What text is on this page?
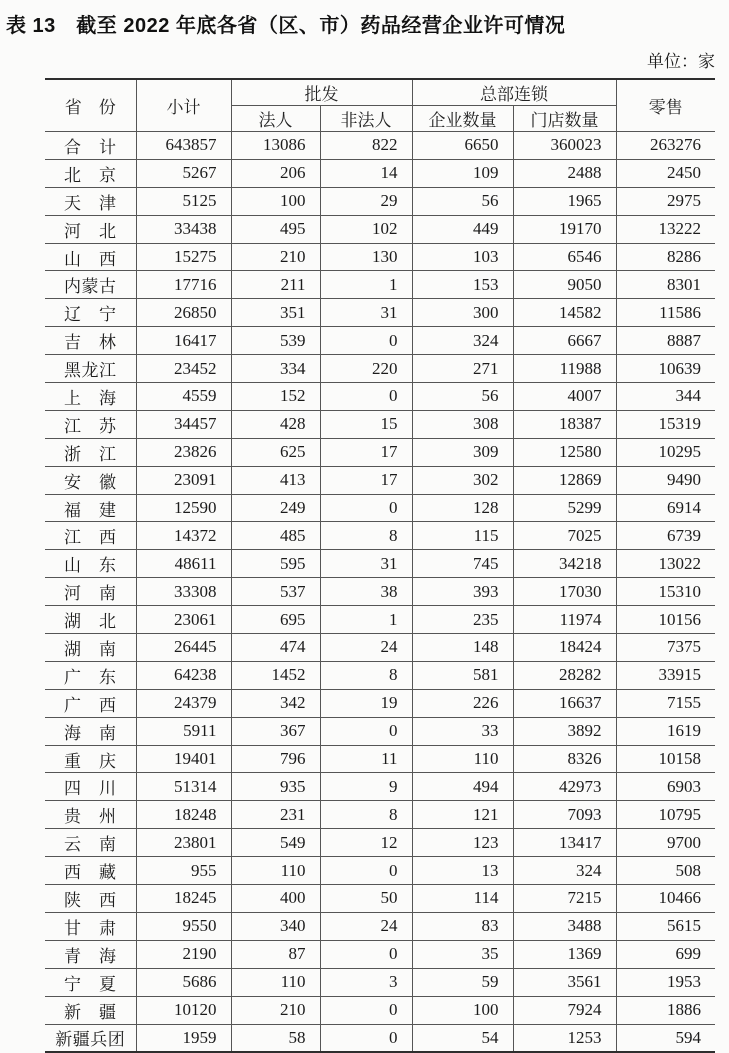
表 13　截至 2022 年底各省（区、市）药品经营企业许可情况
单位：家
省　份	小计	批发		总部连锁		零售
		法人	非法人	企业数量	门店数量	
合　计	643857	13086	822	6650	360023	263276
北　京	5267	206	14	109	2488	2450
天　津	5125	100	29	56	1965	2975
河　北	33438	495	102	449	19170	13222
山　西	15275	210	130	103	6546	8286
内蒙古	17716	211	1	153	9050	8301
辽　宁	26850	351	31	300	14582	11586
吉　林	16417	539	0	324	6667	8887
黑龙江	23452	334	220	271	11988	10639
上　海	4559	152	0	56	4007	344
江　苏	34457	428	15	308	18387	15319
浙　江	23826	625	17	309	12580	10295
安　徽	23091	413	17	302	12869	9490
福　建	12590	249	0	128	5299	6914
江　西	14372	485	8	115	7025	6739
山　东	48611	595	31	745	34218	13022
河　南	33308	537	38	393	17030	15310
湖　北	23061	695	1	235	11974	10156
湖　南	26445	474	24	148	18424	7375
广　东	64238	1452	8	581	28282	33915
广　西	24379	342	19	226	16637	7155
海　南	5911	367	0	33	3892	1619
重　庆	19401	796	11	110	8326	10158
四　川	51314	935	9	494	42973	6903
贵　州	18248	231	8	121	7093	10795
云　南	23801	549	12	123	13417	9700
西　藏	955	110	0	13	324	508
陕　西	18245	400	50	114	7215	10466
甘　肃	9550	340	24	83	3488	5615
青　海	2190	87	0	35	1369	699
宁　夏	5686	110	3	59	3561	1953
新　疆	10120	210	0	100	7924	1886
新疆兵团	1959	58	0	54	1253	594
